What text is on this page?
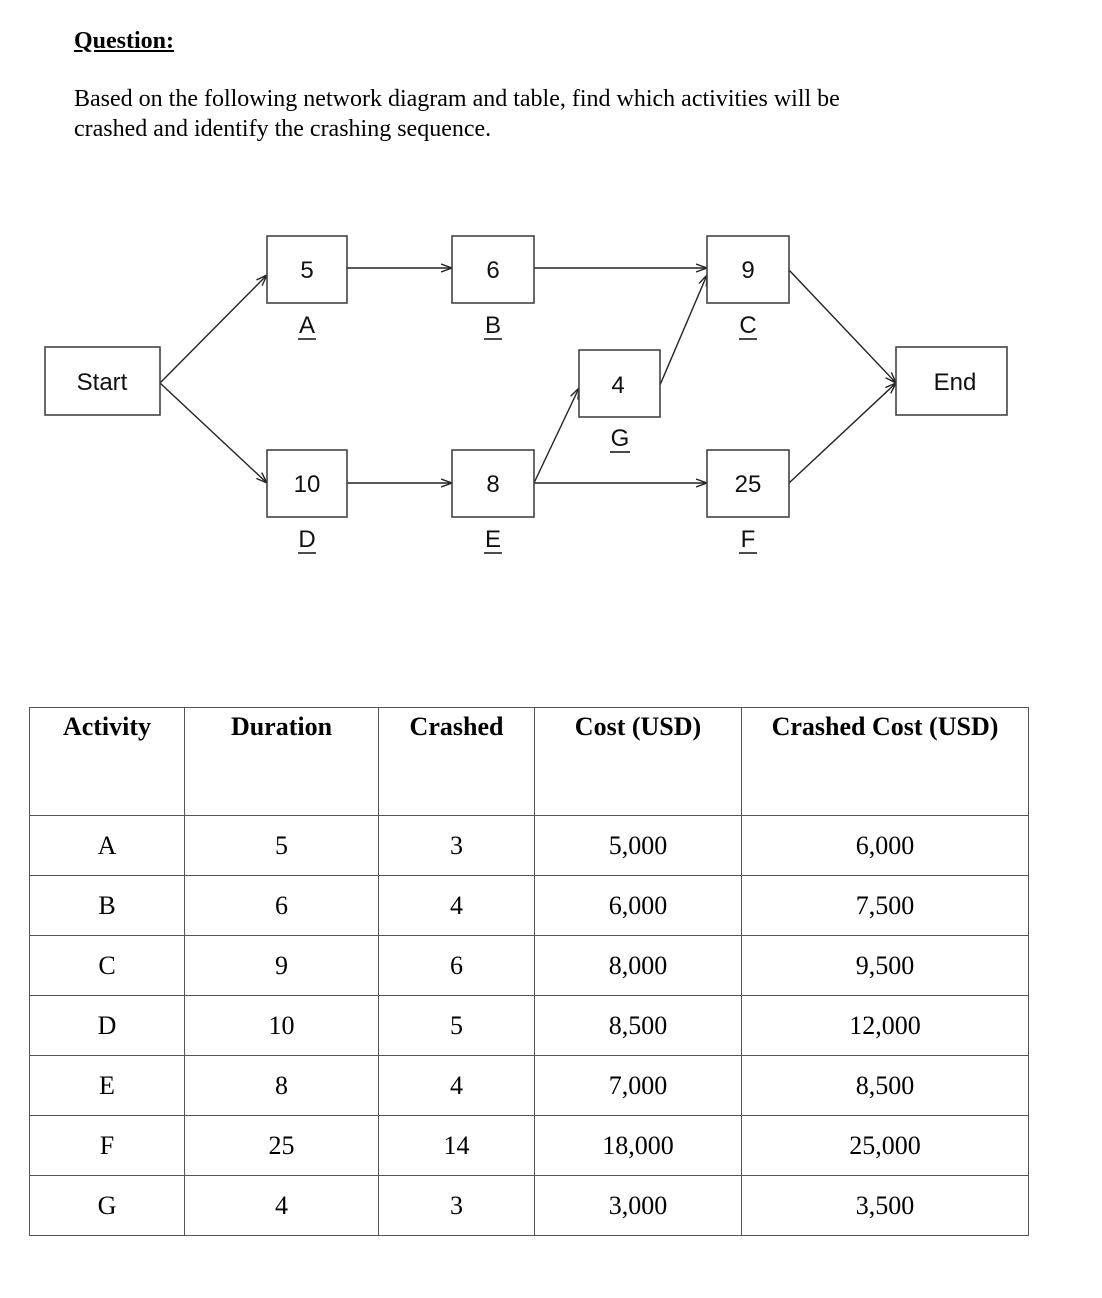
Question:
Based on the following network diagram and table, find which activities will be
crashed and identify the crashing sequence.
Start	End
5	6	9
4
10	8	25
A	B	C
G
D	E	F
Activity	Duration	Crashed	Cost (USD)	Crashed Cost (USD)
A	5	3	5,000	6,000
B	6	4	6,000	7,500
C	9	6	8,000	9,500
D	10	5	8,500	12,000
E	8	4	7,000	8,500
F	25	14	18,000	25,000
G	4	3	3,000	3,500
